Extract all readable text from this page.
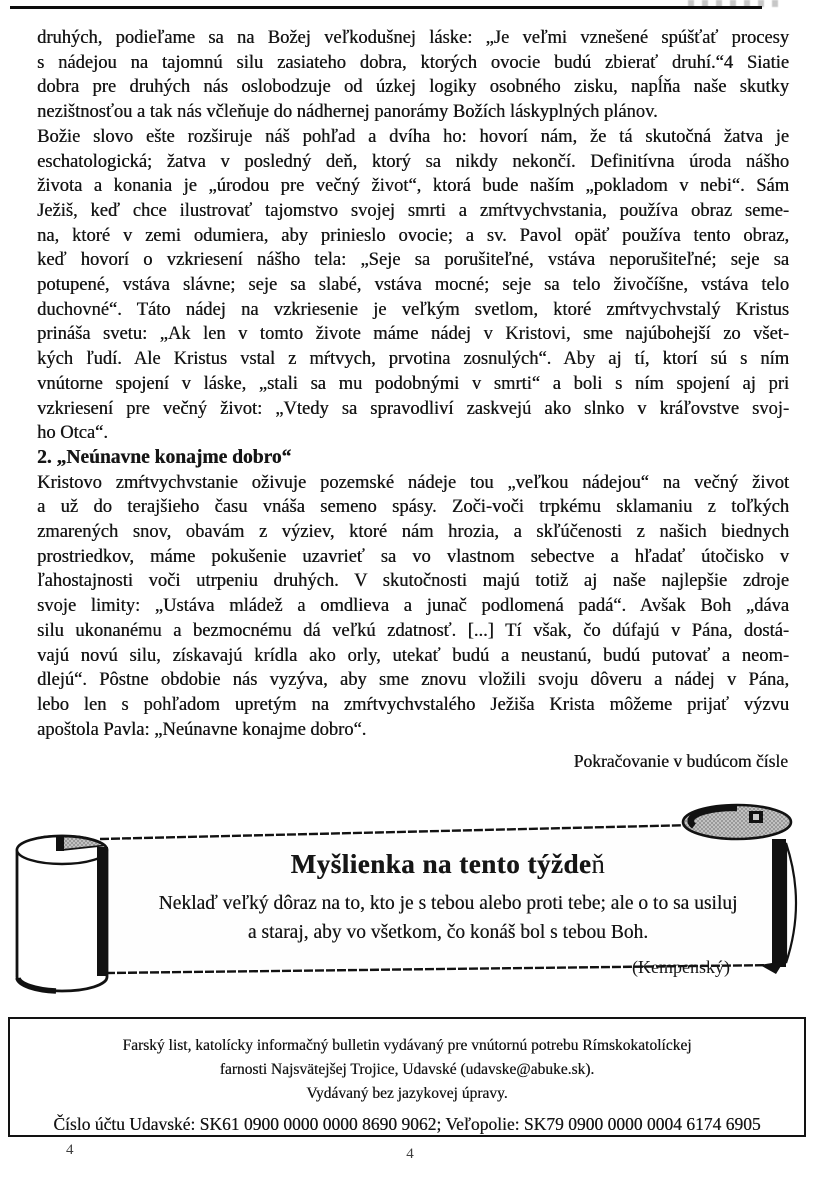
druhých, podieľame sa na Božej veľkodušnej láske: „Je veľmi vznešené spúšťať procesy
s nádejou na tajomnú silu zasiateho dobra, ktorých ovocie budú zbierať druhí.“4 Siatie
dobra pre druhých nás oslobodzuje od úzkej logiky osobného zisku, napĺňa naše skutky
nezištnosťou a tak nás včleňuje do nádhernej panorámy Božích láskyplných plánov.
Božie slovo ešte rozširuje náš pohľad a dvíha ho: hovorí nám, že tá skutočná žatva je
eschatologická; žatva v posledný deň, ktorý sa nikdy nekončí. Definitívna úroda nášho
života a konania je „úrodou pre večný život“, ktorá bude naším „pokladom v nebi“. Sám
Ježiš, keď chce ilustrovať tajomstvo svojej smrti a zmŕtvychvstania, používa obraz seme-
na, ktoré v zemi odumiera, aby prinieslo ovocie; a sv. Pavol opäť používa tento obraz,
keď hovorí o vzkriesení nášho tela: „Seje sa porušiteľné, vstáva neporušiteľné; seje sa
potupené, vstáva slávne; seje sa slabé, vstáva mocné; seje sa telo živočíšne, vstáva telo
duchovné“. Táto nádej na vzkriesenie je veľkým svetlom, ktoré zmŕtvychvstalý Kristus
prináša svetu: „Ak len v tomto živote máme nádej v Kristovi, sme najúbohejší zo všet-
kých ľudí. Ale Kristus vstal z mŕtvych, prvotina zosnulých“. Aby aj tí, ktorí sú s ním
vnútorne spojení v láske, „stali sa mu podobnými v smrti“ a boli s ním spojení aj pri
vzkriesení pre večný život: „Vtedy sa spravodliví zaskvejú ako slnko v kráľovstve svoj-
ho Otca“.
2. „Neúnavne konajme dobro“
Kristovo zmŕtvychvstanie oživuje pozemské nádeje tou „veľkou nádejou“ na večný život
a už do terajšieho času vnáša semeno spásy. Zoči-voči trpkému sklamaniu z toľkých
zmarených snov, obavám z výziev, ktoré nám hrozia, a skľúčenosti z našich biednych
prostriedkov, máme pokušenie uzavrieť sa vo vlastnom sebectve a hľadať útočisko v
ľahostajnosti voči utrpeniu druhých. V skutočnosti majú totiž aj naše najlepšie zdroje
svoje limity: „Ustáva mládež a omdlieva a junač podlomená padá“. Avšak Boh „dáva
silu ukonanému a bezmocnému dá veľkú zdatnosť. [...] Tí však, čo dúfajú v Pána, dostá-
vajú novú silu, získavajú krídla ako orly, utekať budú a neustanú, budú putovať a neom-
dlejú“. Pôstne obdobie nás vyzýva, aby sme znovu vložili svoju dôveru a nádej v Pána,
lebo len s pohľadom upretým na zmŕtvychvstalého Ježiša Krista môžeme prijať výzvu
apoštola Pavla: „Neúnavne konajme dobro“.
Pokračovanie v budúcom čísle
Myšlienka na tento týždeň
Neklaď veľký dôraz na to, kto je s tebou alebo proti tebe; ale o to sa usiluj
a staraj, aby vo všetkom, čo konáš bol s tebou Boh.
(Kempenský)
Farský list, katolícky informačný bulletin vydávaný pre vnútornú potrebu Rímskokatolíckej
farnosti Najsvätejšej Trojice, Udavské (udavske@abuke.sk).
Vydávaný bez jazykovej úpravy.
Číslo účtu Udavské: SK61 0900 0000 0000 8690 9062; Veľopolie: SK79 0900 0000 0004 6174 6905
4	4
